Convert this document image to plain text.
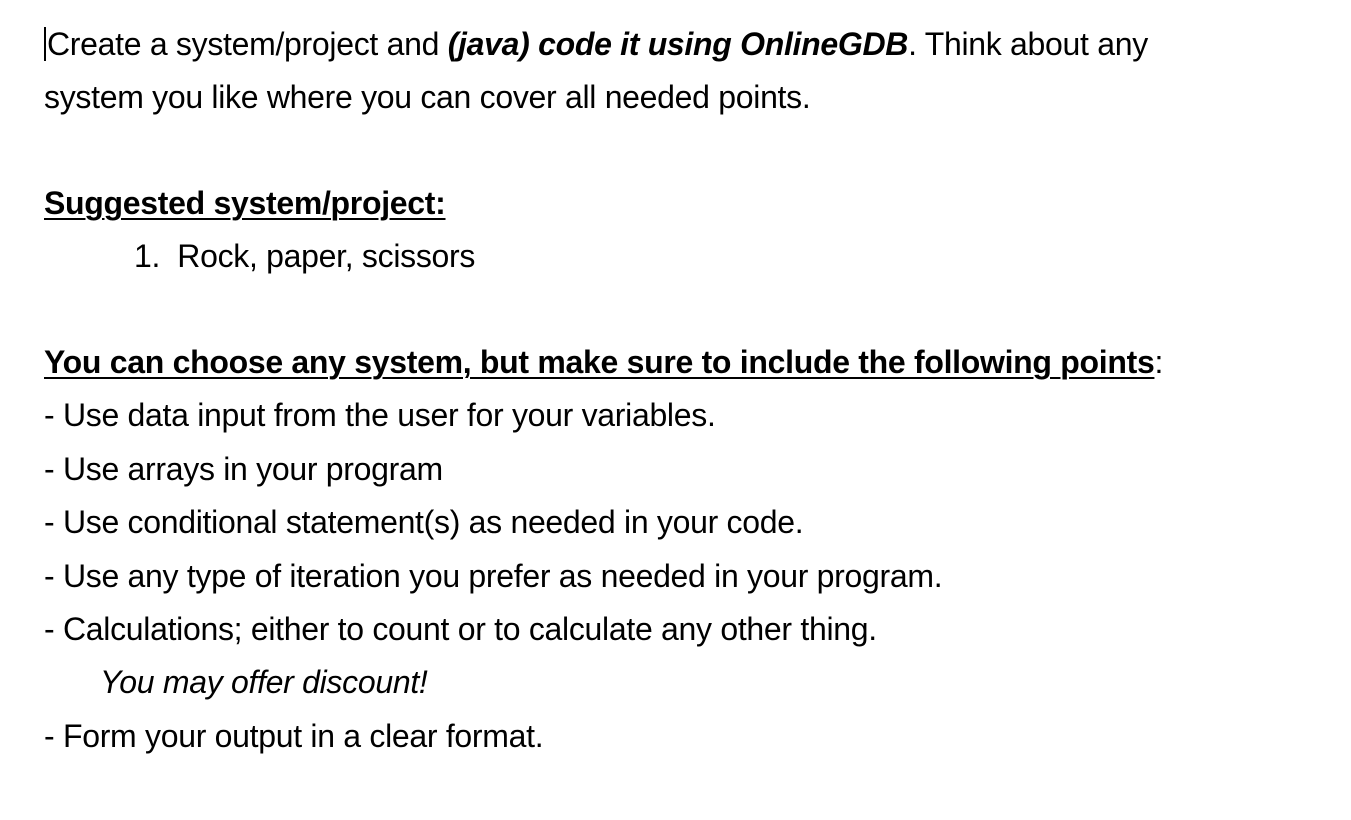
Create a system/project and (java) code it using OnlineGDB. Think about any
system you like where you can cover all needed points.
Suggested system/project:
1. Rock, paper, scissors
You can choose any system, but make sure to include the following points:
- Use data input from the user for your variables.
- Use arrays in your program
- Use conditional statement(s) as needed in your code.
- Use any type of iteration you prefer as needed in your program.
- Calculations; either to count or to calculate any other thing.
You may offer discount!
- Form your output in a clear format.
